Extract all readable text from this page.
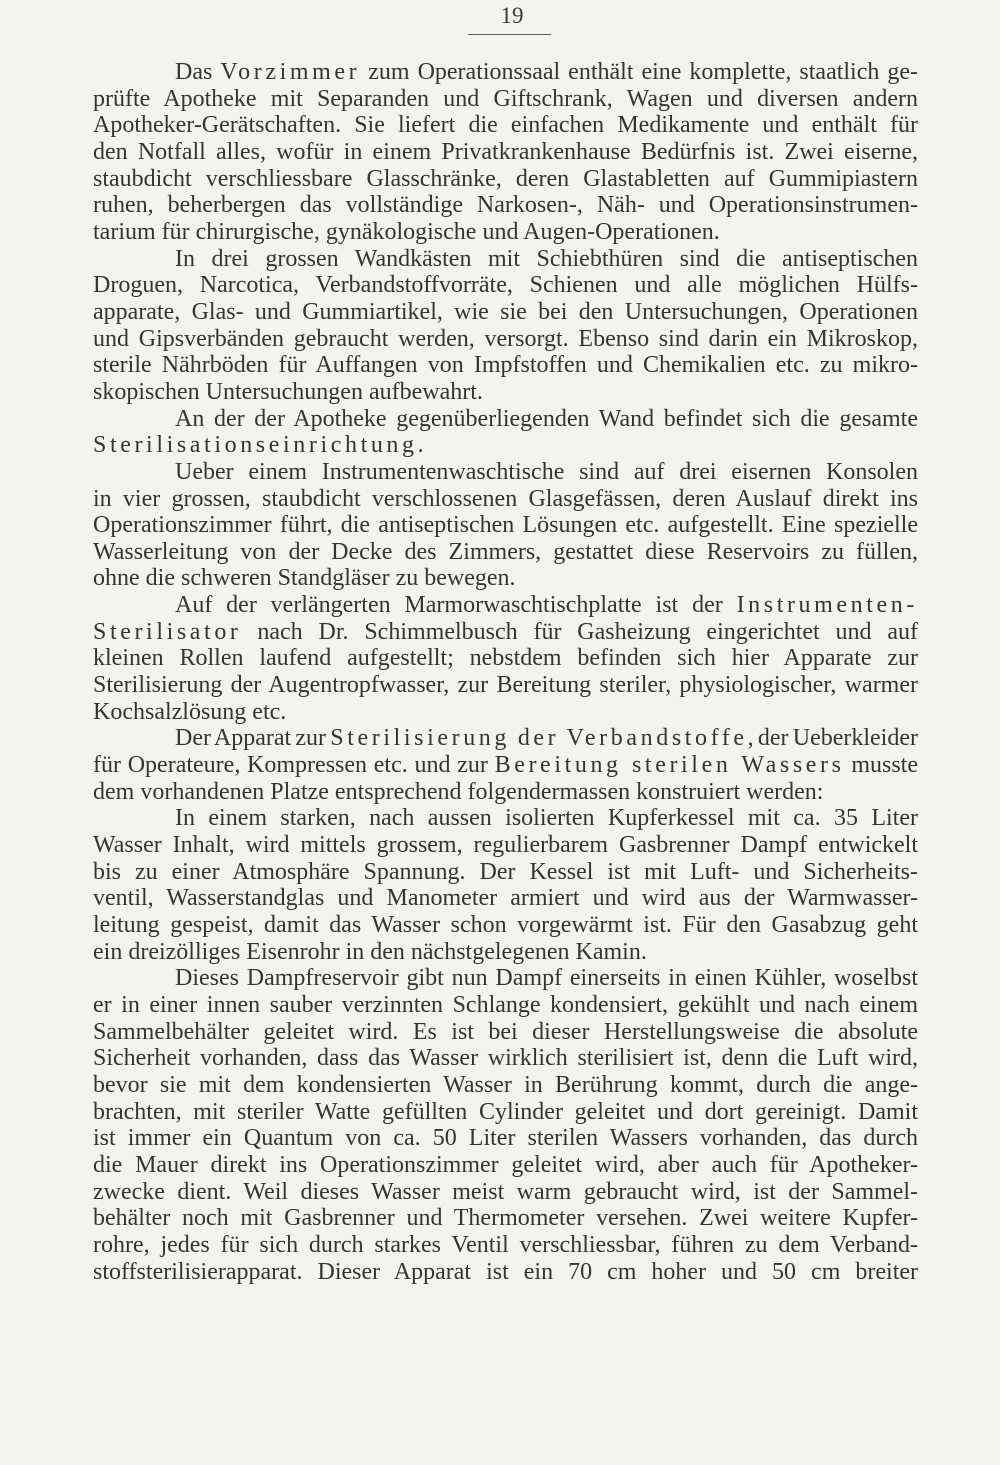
19
Das Vorzimmer zum Operationssaal enthält eine komplette, staatlich ge-
prüfte Apotheke mit Separanden und Giftschrank, Wagen und diversen andern
Apotheker-Gerätschaften. Sie liefert die einfachen Medikamente und enthält für
den Notfall alles, wofür in einem Privatkrankenhause Bedürfnis ist. Zwei eiserne,
staubdicht verschliessbare Glasschränke, deren Glastabletten auf Gummipiastern
ruhen, beherbergen das vollständige Narkosen-, Näh- und Operationsinstrumen-
tarium für chirurgische, gynäkologische und Augen-Operationen.
In drei grossen Wandkästen mit Schiebthüren sind die antiseptischen
Droguen, Narcotica, Verbandstoffvorräte, Schienen und alle möglichen Hülfs-
apparate, Glas- und Gummiartikel, wie sie bei den Untersuchungen, Operationen
und Gipsverbänden gebraucht werden, versorgt. Ebenso sind darin ein Mikroskop,
sterile Nährböden für Auffangen von Impfstoffen und Chemikalien etc. zu mikro-
skopischen Untersuchungen aufbewahrt.
An der der Apotheke gegenüberliegenden Wand befindet sich die gesamte
Sterilisationseinrichtung.
Ueber einem Instrumentenwaschtische sind auf drei eisernen Konsolen
in vier grossen, staubdicht verschlossenen Glasgefässen, deren Auslauf direkt ins
Operationszimmer führt, die antiseptischen Lösungen etc. aufgestellt. Eine spezielle
Wasserleitung von der Decke des Zimmers, gestattet diese Reservoirs zu füllen,
ohne die schweren Standgläser zu bewegen.
Auf der verlängerten Marmorwaschtischplatte ist der Instrumenten-
Sterilisator nach Dr. Schimmelbusch für Gasheizung eingerichtet und auf
kleinen Rollen laufend aufgestellt; nebstdem befinden sich hier Apparate zur
Sterilisierung der Augentropfwasser, zur Bereitung steriler, physiologischer, warmer
Kochsalzlösung etc.
Der Apparat zur Sterilisierung der Verbandstoffe, der Ueberkleider
für Operateure, Kompressen etc. und zur Bereitung sterilen Wassers musste
dem vorhandenen Platze entsprechend folgendermassen konstruiert werden:
In einem starken, nach aussen isolierten Kupferkessel mit ca. 35 Liter
Wasser Inhalt, wird mittels grossem, regulierbarem Gasbrenner Dampf entwickelt
bis zu einer Atmosphäre Spannung. Der Kessel ist mit Luft- und Sicherheits-
ventil, Wasserstandglas und Manometer armiert und wird aus der Warmwasser-
leitung gespeist, damit das Wasser schon vorgewärmt ist. Für den Gasabzug geht
ein dreizölliges Eisenrohr in den nächstgelegenen Kamin.
Dieses Dampfreservoir gibt nun Dampf einerseits in einen Kühler, woselbst
er in einer innen sauber verzinnten Schlange kondensiert, gekühlt und nach einem
Sammelbehälter geleitet wird. Es ist bei dieser Herstellungsweise die absolute
Sicherheit vorhanden, dass das Wasser wirklich sterilisiert ist, denn die Luft wird,
bevor sie mit dem kondensierten Wasser in Berührung kommt, durch die ange-
brachten, mit steriler Watte gefüllten Cylinder geleitet und dort gereinigt. Damit
ist immer ein Quantum von ca. 50 Liter sterilen Wassers vorhanden, das durch
die Mauer direkt ins Operationszimmer geleitet wird, aber auch für Apotheker-
zwecke dient. Weil dieses Wasser meist warm gebraucht wird, ist der Sammel-
behälter noch mit Gasbrenner und Thermometer versehen. Zwei weitere Kupfer-
rohre, jedes für sich durch starkes Ventil verschliessbar, führen zu dem Verband-
stoffsterilisierapparat. Dieser Apparat ist ein 70 cm hoher und 50 cm breiter
